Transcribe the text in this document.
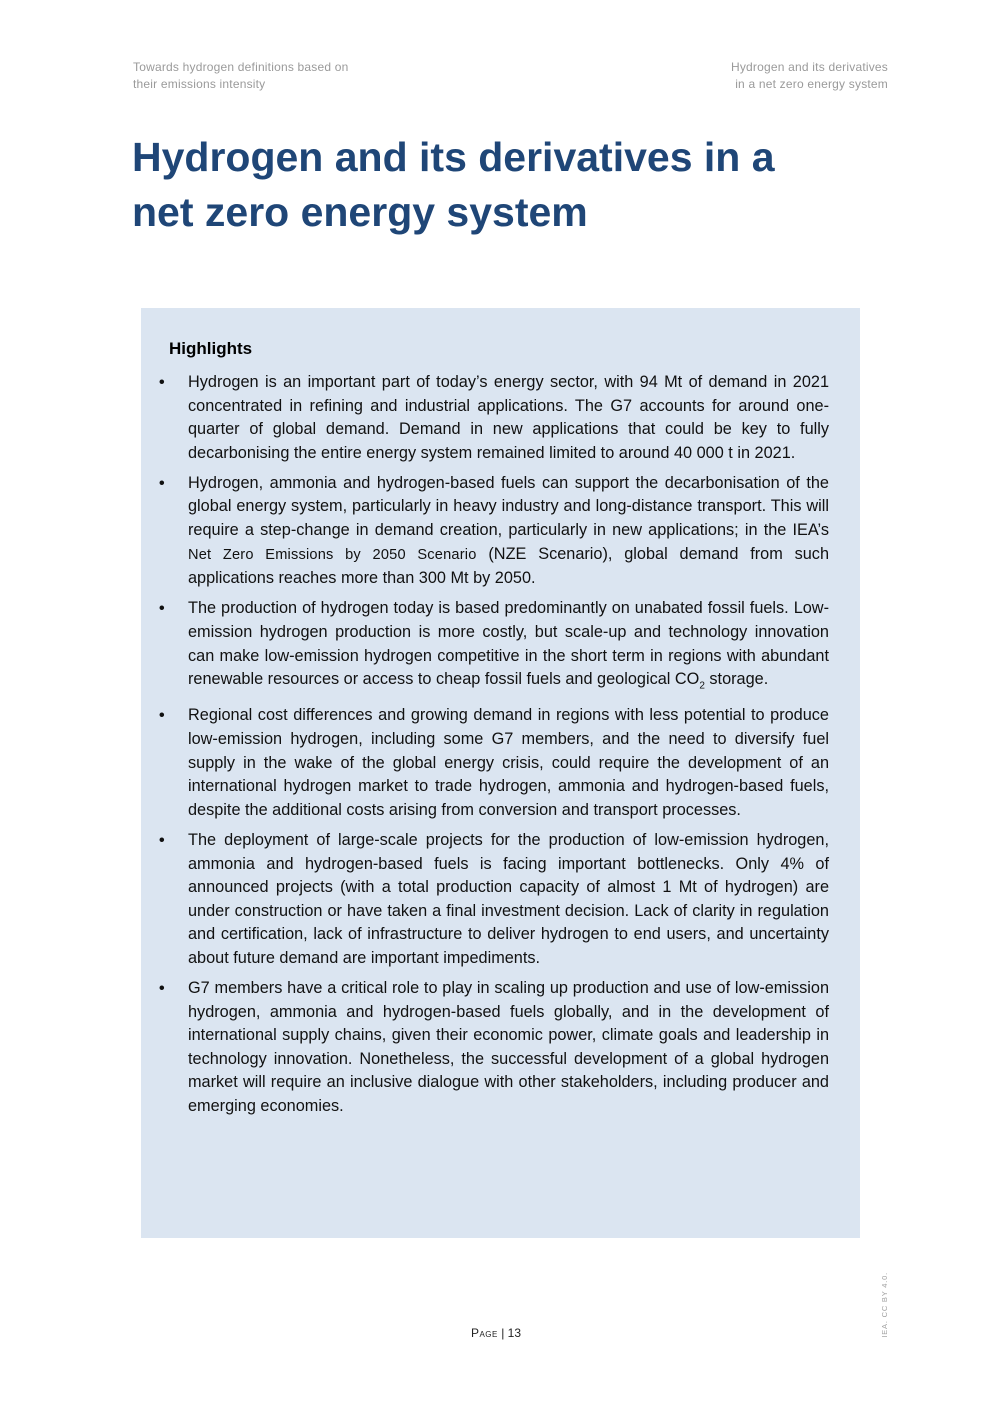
Towards hydrogen definitions based on
their emissions intensity
Hydrogen and its derivatives
in a net zero energy system
Hydrogen and its derivatives in a
net zero energy system
Highlights
• Hydrogen is an important part of today’s energy sector, with 94 Mt of demand in 2021 concentrated in refining and industrial applications. The G7 accounts for around one-quarter of global demand. Demand in new applications that could be key to fully decarbonising the entire energy system remained limited to around 40 000 t in 2021.
• Hydrogen, ammonia and hydrogen-based fuels can support the decarbonisation of the global energy system, particularly in heavy industry and long-distance transport. This will require a step-change in demand creation, particularly in new applications; in the IEA’s Net Zero Emissions by 2050 Scenario (NZE Scenario), global demand from such applications reaches more than 300 Mt by 2050.
• The production of hydrogen today is based predominantly on unabated fossil fuels. Low-emission hydrogen production is more costly, but scale-up and technology innovation can make low-emission hydrogen competitive in the short term in regions with abundant renewable resources or access to cheap fossil fuels and geological $CO_2$ storage.
• Regional cost differences and growing demand in regions with less potential to produce low-emission hydrogen, including some G7 members, and the need to diversify fuel supply in the wake of the global energy crisis, could require the development of an international hydrogen market to trade hydrogen, ammonia and hydrogen-based fuels, despite the additional costs arising from conversion and transport processes.
• The deployment of large-scale projects for the production of low-emission hydrogen, ammonia and hydrogen-based fuels is facing important bottlenecks. Only 4% of announced projects (with a total production capacity of almost 1 Mt of hydrogen) are under construction or have taken a final investment decision. Lack of clarity in regulation and certification, lack of infrastructure to deliver hydrogen to end users, and uncertainty about future demand are important impediments.
• G7 members have a critical role to play in scaling up production and use of low-emission hydrogen, ammonia and hydrogen-based fuels globally, and in the development of international supply chains, given their economic power, climate goals and leadership in technology innovation. Nonetheless, the successful development of a global hydrogen market will require an inclusive dialogue with other stakeholders, including producer and emerging economies.
Page | 13	IEA. CC BY 4.0.
